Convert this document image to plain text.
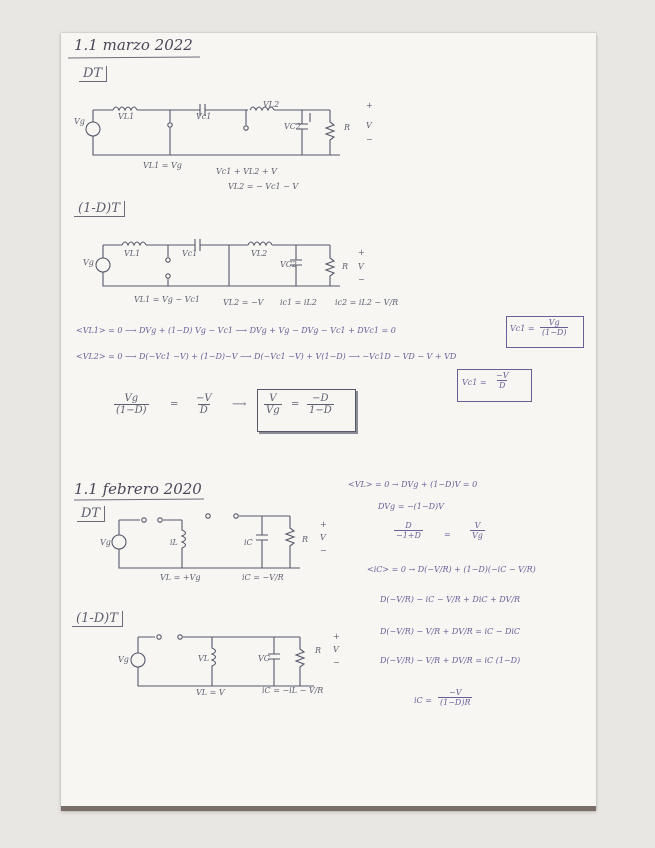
1.1 marzo 2022
DT
Vg
VL1	Vc1
VL2
VC2	R
+
V
−
VL1 = Vg
Vc1 + VL2 + V
VL2 = − Vc1 − V
(1-D)T
Vg
VL1	Vc1	VL2
VC2	R
+
V
−
VL1 = Vg − Vc1	VL2 = −V ic1 = iL2 ic2 = iL2 − V/R
<VL1> = 0 ⟶ DVg + (1−D) Vg − Vc1 ⟶ DVg + Vg − DVg − Vc1 + DVc1 = 0	$Vc1 = \frac{Vg}{(1-D)}$
<VL2> = 0 ⟶ D(−Vc1 −V) + (1−D)−V ⟶ D(−Vc1 −V) + V(1−D) ⟶ −Vc1D − VD − V + VD
$Vc1 = \frac{-V}{D}$
$\frac{Vg}{(1-D)} = \frac{-V}{D}$ ⟶ $\frac{V}{Vg} = \frac{-D}{1-D}$
1.1 febrero 2020
DT
Vg	iL	iC	R
+
V
−
VL = +Vg	iC = −V/R
(1-D)T
Vg	VL	VC
R
+
V
−
VL = V	iC = −iL − V/R
<VL> = 0 → DVg + (1−D)V = 0
DVg = −(1−D)V
$\frac{D}{-1+D}$	= $\frac{V}{Vg}$
<iC> = 0 → D(−V/R) + (1−D)(−iC − V/R)
D(−V/R) − iC − V/R + DiC + DV/R
D(−V/R) − V/R + DV/R = iC − DiC
D(−V/R) − V/R + DV/R = iC (1−D)
iC = $\frac{-V}{(1-D)R}$
